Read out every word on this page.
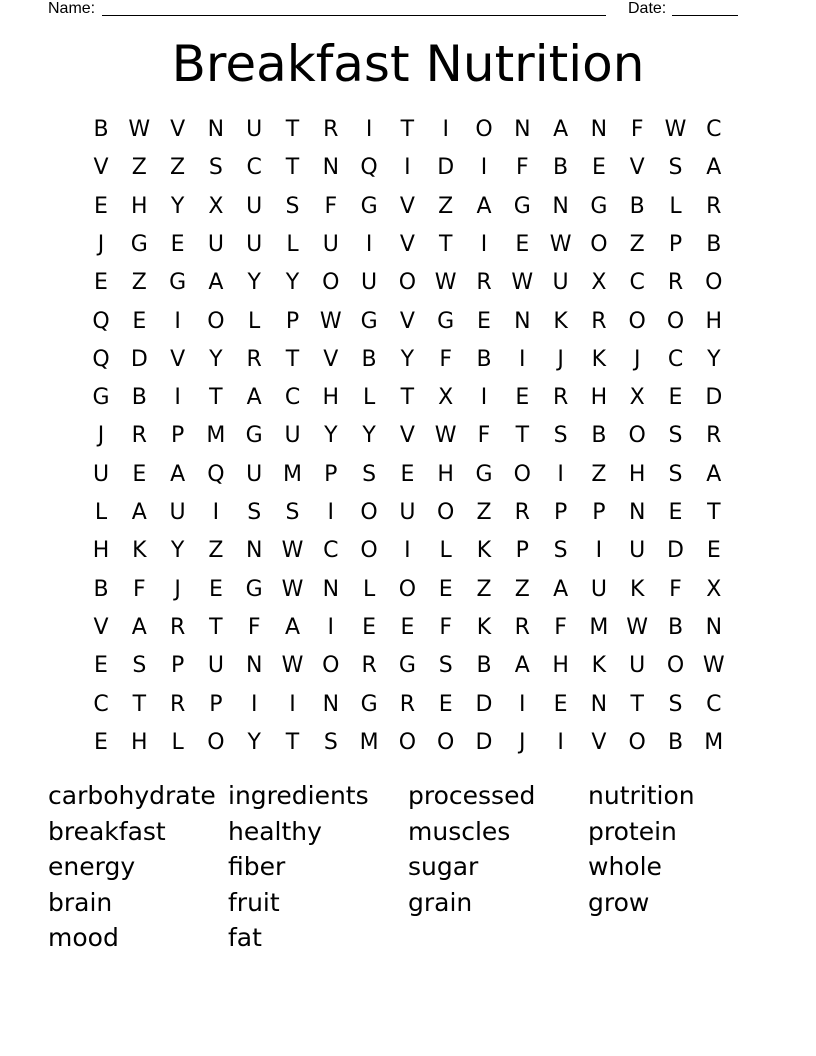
Name:	Date:
Breakfast Nutrition
B W V	N	U	T	R	I	T	I	O N	A	N	F W C
V	Z	Z	S	C	T	N Q	I	D	I	F	B	E	V	S	A
E	H	Y	X	U	S	F	G	V	Z	A	G N G	B	L	R
J	G	E	U	U	L	U	I	V	T	I	E W O	Z	P	B
E	Z	G	A	Y	Y	O U O W R W U	X	C	R O
Q	E	I	O	L	P W G	V	G	E	N	K	R O O H
Q D	V	Y	R	T	V	B	Y	F	B	I	J	K	J	C	Y
G	B	I	T	A	C	H	L	T	X	I	E	R	H	X	E	D
J	R	P	M G U	Y	Y	V W F	T	S	B	O	S	R
U	E	A	Q U M	P	S	E	H G O	I	Z	H	S	A
L	A	U	I	S	S	I	O U O	Z	R	P	P	N	E	T
H	K	Y	Z	N W C O	I	L	K	P	S	I	U D	E
B	F	J	E	G W N	L	O	E	Z	Z	A	U	K	F	X
V	A	R	T	F	A	I	E	E	F	K	R	F	M W B	N
E	S	P	U	N W O R	G	S	B	A	H	K	U O W
C	T	R	P	I	I	N G	R	E	D	I	E	N	T	S	C
E	H	L	O	Y	T	S M O O D	J	I	V	O	B M
carbohydrate
breakfast
energy
brain
mood
ingredients
healthy
fiber
fruit
fat
processed
muscles
sugar
grain
nutrition
protein
whole
grow
